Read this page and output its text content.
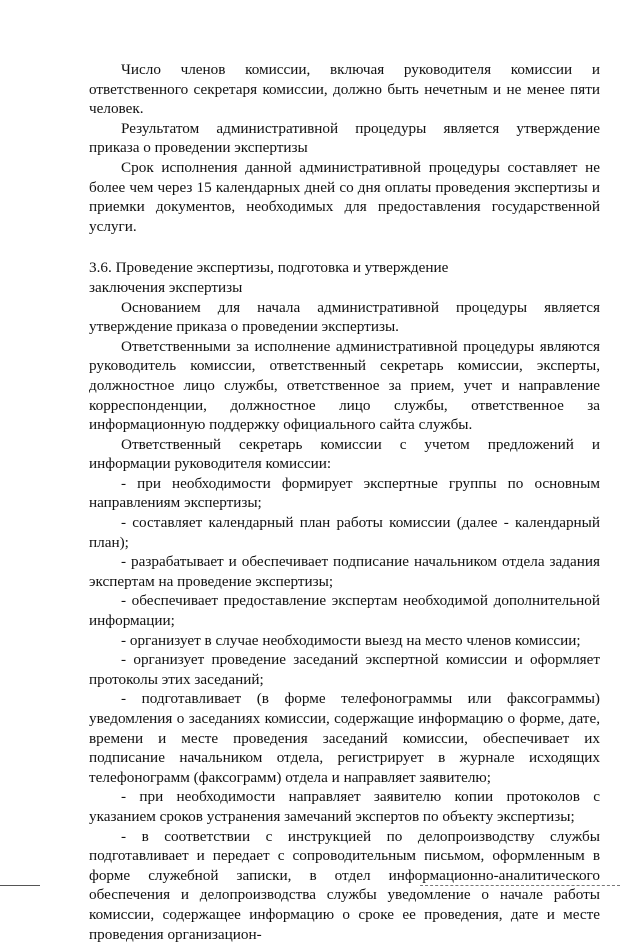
Число членов комиссии, включая руководителя комиссии и ответственного секретаря комиссии, должно быть нечетным и не менее пяти человек.

Результатом административной процедуры является утверждение приказа о проведении экспертизы

Срок исполнения данной административной процедуры составляет не более чем через 15 календарных дней со дня оплаты проведения экспертизы и приемки документов, необходимых для предоставления государственной услуги.

3.6. Проведение экспертизы, подготовка и утверждение
заключения экспертизы

Основанием для начала административной процедуры является утверждение приказа о проведении экспертизы.

Ответственными за исполнение административной процедуры являются руководитель комиссии, ответственный секретарь комиссии, эксперты, должностное лицо службы, ответственное за прием, учет и направление корреспонденции, должностное лицо службы, ответственное за информационную поддержку официального сайта службы.

Ответственный секретарь комиссии с учетом предложений и информации руководителя комиссии:

- при необходимости формирует экспертные группы по основным направлениям экспертизы;

- составляет календарный план работы комиссии (далее - календарный план);

- разрабатывает и обеспечивает подписание начальником отдела задания экспертам на проведение экспертизы;

- обеспечивает предоставление экспертам необходимой дополнительной информации;

- организует в случае необходимости выезд на место членов комиссии;

- организует проведение заседаний экспертной комиссии и оформляет протоколы этих заседаний;

- подготавливает (в форме телефонограммы или факсограммы) уведомления о заседаниях комиссии, содержащие информацию о форме, дате, времени и месте проведения заседаний комиссии, обеспечивает их подписание начальником отдела, регистрирует в журнале исходящих телефонограмм (факсограмм) отдела и направляет заявителю;

- при необходимости направляет заявителю копии протоколов с указанием сроков устранения замечаний экспертов по объекту экспертизы;

- в соответствии с инструкцией по делопроизводству службы подготавливает и передает с сопроводительным письмом, оформленным в форме служебной записки, в отдел информационно-аналитического обеспечения и делопроизводства службы уведомление о начале работы комиссии, содержащее информацию о сроке ее проведения, дате и месте проведения организацион-
